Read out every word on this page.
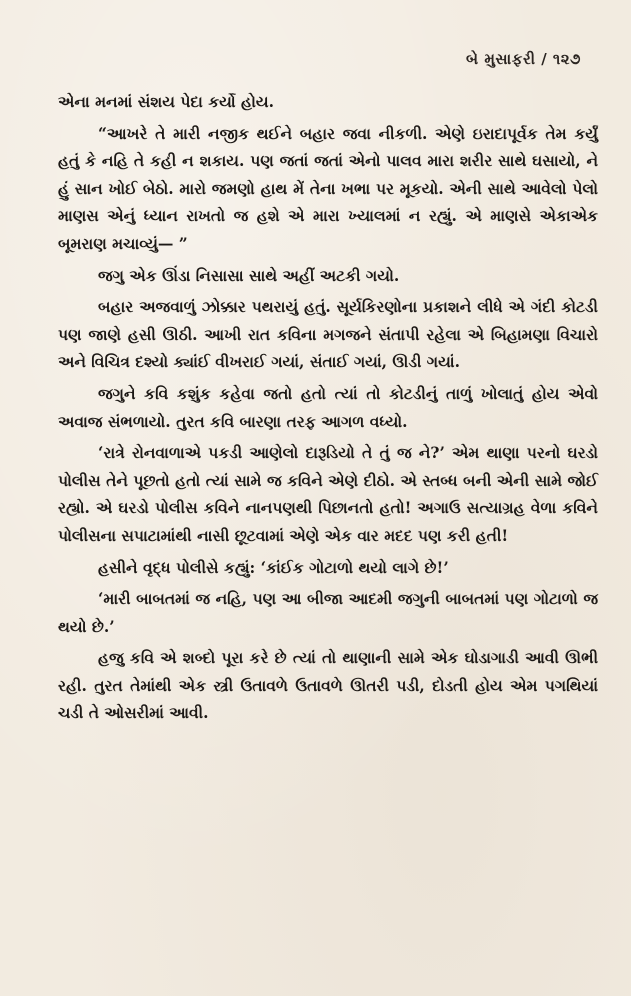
બે મુસાફરી / ૧૨૭

એના મનમાં સંશય પેદા કર્યો હોય.

“આખરે તે મારી નજીક થઈને બહાર જવા નીકળી. એણે ઇરાદાપૂર્વક તેમ કર્યું હતું કે નહિ તે કહી ન શકાય. પણ જતાં જતાં એનો પાલવ મારા શરીર સાથે ઘસાયો, ને હું સાન ખોઈ બેઠો. મારો જમણો હાથ મેં તેના ખભા પર મૂકયો. એની સાથે આવેલો પેલો માણસ એનું ધ્યાન રાખતો જ હશે એ મારા ખ્યાલમાં ન રહ્યું. એ માણસે એકાએક બૂમરાણ મચાવ્યું— ”

જગુ એક ઊંડા નિસાસા સાથે અહીં અટકી ગયો.

બહાર અજવાળું ઝોક્કાર પથરાયું હતું. સૂર્યકિરણોના પ્રકાશને લીધે એ ગંદી કોટડી પણ જાણે હસી ઊઠી. આખી રાત કવિના મગજને સંતાપી રહેલા એ બિહામણા વિચારો અને વિચિત્ર દશ્યો ક્યાંઈ વીખરાઈ ગયાં, સંતાઈ ગયાં, ઊડી ગયાં.

જગુને કવિ કશુંક કહેવા જતો હતો ત્યાં તો કોટડીનું તાળું ખોલાતું હોય એવો અવાજ સંભળાયો. તુરત કવિ બારણા તરફ આગળ વધ્યો.

‘રાત્રે રોનવાળાએ પકડી આણેલો દારૂડિયો તે તું જ ને?’ એમ થાણા પરનો ઘરડો પોલીસ તેને પૂછતો હતો ત્યાં સામે જ કવિને એણે દીઠો. એ સ્તબ્ધ બની એની સામે જોઈ રહ્યો. એ ઘરડો પોલીસ કવિને નાનપણથી પિછાનતો હતો! અગાઉ સત્યાગ્રહ વેળા કવિને પોલીસના સપાટામાંથી નાસી છૂટવામાં એણે એક વાર મદદ પણ કરી હતી!

હસીને વૃદ્ધ પોલીસે કહ્યું: ‘કાંઈક ગોટાળો થયો લાગે છે!’

‘મારી બાબતમાં જ નહિ, પણ આ બીજા આદમી જગુની બાબતમાં પણ ગોટાળો જ થયો છે.’

હજુ કવિ એ શબ્દો પૂરા કરે છે ત્યાં તો થાણાની સામે એક ઘોડાગાડી આવી ઊભી રહી. તુરત તેમાંથી એક સ્ત્રી ઉતાવળે ઉતાવળે ઊતરી પડી, દોડતી હોય એમ પગથિયાં ચડી તે ઓસરીમાં આવી.
